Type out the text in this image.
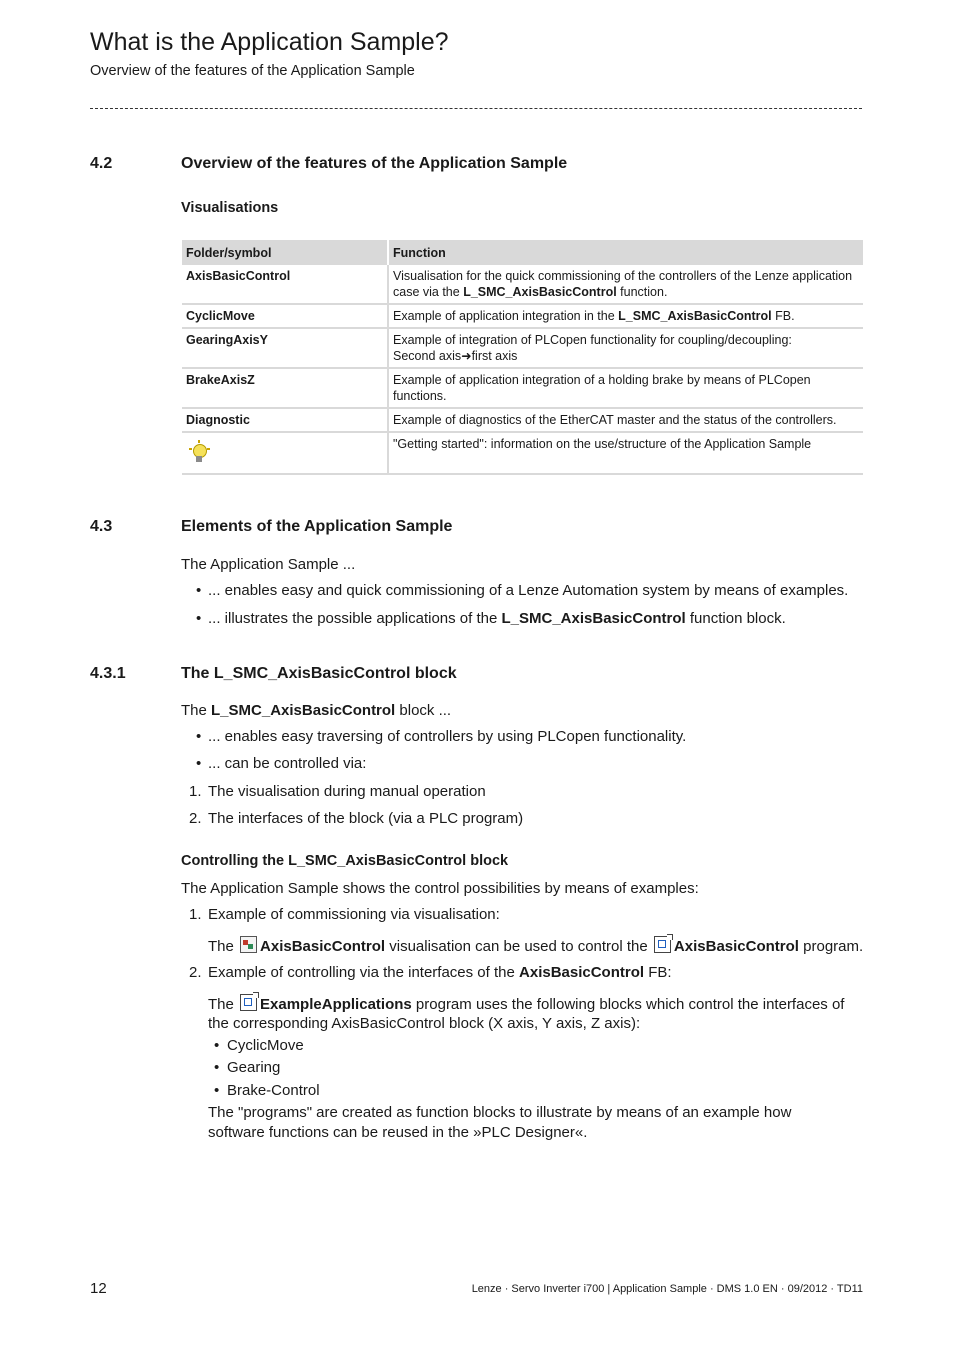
What is the Application Sample?
Overview of the features of the Application Sample
4.2	Overview of the features of the Application Sample
Visualisations
Folder/symbol	Function
AxisBasicControl	Visualisation for the quick commissioning of the controllers of the Lenze application case via the L_SMC_AxisBasicControl function.
CyclicMove	Example of application integration in the L_SMC_AxisBasicControl FB.
GearingAxisY	Example of integration of PLCopen functionality for coupling/decoupling:
Second axis➜first axis
BrakeAxisZ	Example of application integration of a holding brake by means of PLCopen functions.
Diagnostic	Example of diagnostics of the EtherCAT master and the status of the controllers.

	"Getting started": information on the use/structure of the Application Sample
4.3	Elements of the Application Sample
The Application Sample ...
• ... enables easy and quick commissioning of a Lenze Automation system by means of examples.
• ... illustrates the possible applications of the L_SMC_AxisBasicControl function block.
4.3.1	The L_SMC_AxisBasicControl block
The L_SMC_AxisBasicControl block ...
• ... enables easy traversing of controllers by using PLCopen functionality.
• ... can be controlled via:
1. The visualisation during manual operation
2. The interfaces of the block (via a PLC program)
Controlling the L_SMC_AxisBasicControl block
The Application Sample shows the control possibilities by means of examples:
1. Example of commissioning via visualisation:
The AxisBasicControl visualisation can be used to control the AxisBasicControl program.
2. Example of controlling via the interfaces of the AxisBasicControl FB:
The ExampleApplications program uses the following blocks which control the interfaces of
the corresponding AxisBasicControl block (X axis, Y axis, Z axis):
• CyclicMove
• Gearing
• Brake-Control
The "programs" are created as function blocks to illustrate by means of an example how
software functions can be reused in the »PLC Designer«.
12	Lenze · Servo Inverter i700 | Application Sample · DMS 1.0 EN · 09/2012 · TD11
